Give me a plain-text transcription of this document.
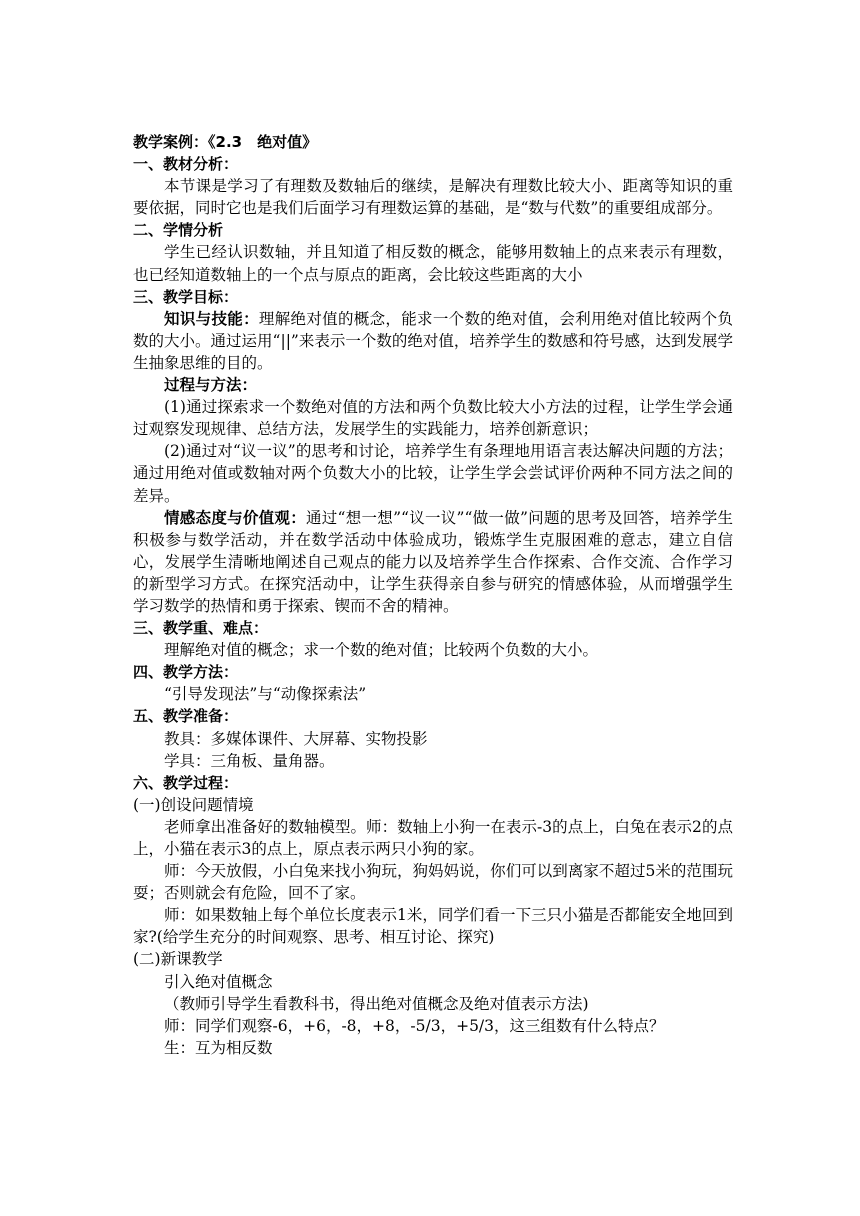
教学案例：《2.3　绝对值》

一、教材分析：

本节课是学习了有理数及数轴后的继续，是解决有理数比较大小、距离等知识的重要依据，同时它也是我们后面学习有理数运算的基础，是“数与代数”的重要组成部分。

二、学情分析

学生已经认识数轴，并且知道了相反数的概念，能够用数轴上的点来表示有理数，也已经知道数轴上的一个点与原点的距离，会比较这些距离的大小

三、教学目标：

知识与技能：理解绝对值的概念，能求一个数的绝对值，会利用绝对值比较两个负数的大小。通过运用“||”来表示一个数的绝对值，培养学生的数感和符号感，达到发展学生抽象思维的目的。

过程与方法：

(1)通过探索求一个数绝对值的方法和两个负数比较大小方法的过程，让学生学会通过观察发现规律、总结方法，发展学生的实践能力，培养创新意识；

(2)通过对“议一议”的思考和讨论，培养学生有条理地用语言表达解决问题的方法；通过用绝对值或数轴对两个负数大小的比较，让学生学会尝试评价两种不同方法之间的差异。

情感态度与价值观：通过“想一想”“议一议”“做一做”问题的思考及回答，培养学生积极参与数学活动，并在数学活动中体验成功，锻炼学生克服困难的意志，建立自信心，发展学生清晰地阐述自己观点的能力以及培养学生合作探索、合作交流、合作学习的新型学习方式。在探究活动中，让学生获得亲自参与研究的情感体验，从而增强学生学习数学的热情和勇于探索、锲而不舍的精神。

三、教学重、难点：

理解绝对值的概念；求一个数的绝对值；比较两个负数的大小。

四、教学方法：

“引导发现法”与“动像探索法”

五、教学准备：

教具：多媒体课件、大屏幕、实物投影

学具：三角板、量角器。

六、教学过程：

(一)创设问题情境

老师拿出准备好的数轴模型。师：数轴上小狗一在表示-3的点上，白兔在表示2的点上，小猫在表示3的点上，原点表示两只小狗的家。

师：今天放假，小白兔来找小狗玩，狗妈妈说，你们可以到离家不超过5米的范围玩耍；否则就会有危险，回不了家。

师：如果数轴上每个单位长度表示1米，同学们看一下三只小猫是否都能安全地回到家?(给学生充分的时间观察、思考、相互讨论、探究)

(二)新课教学

引入绝对值概念

（教师引导学生看教科书，得出绝对值概念及绝对值表示方法)

师：同学们观察-6，+6，-8，+8，-5/3，+5/3，这三组数有什么特点？

生：互为相反数
